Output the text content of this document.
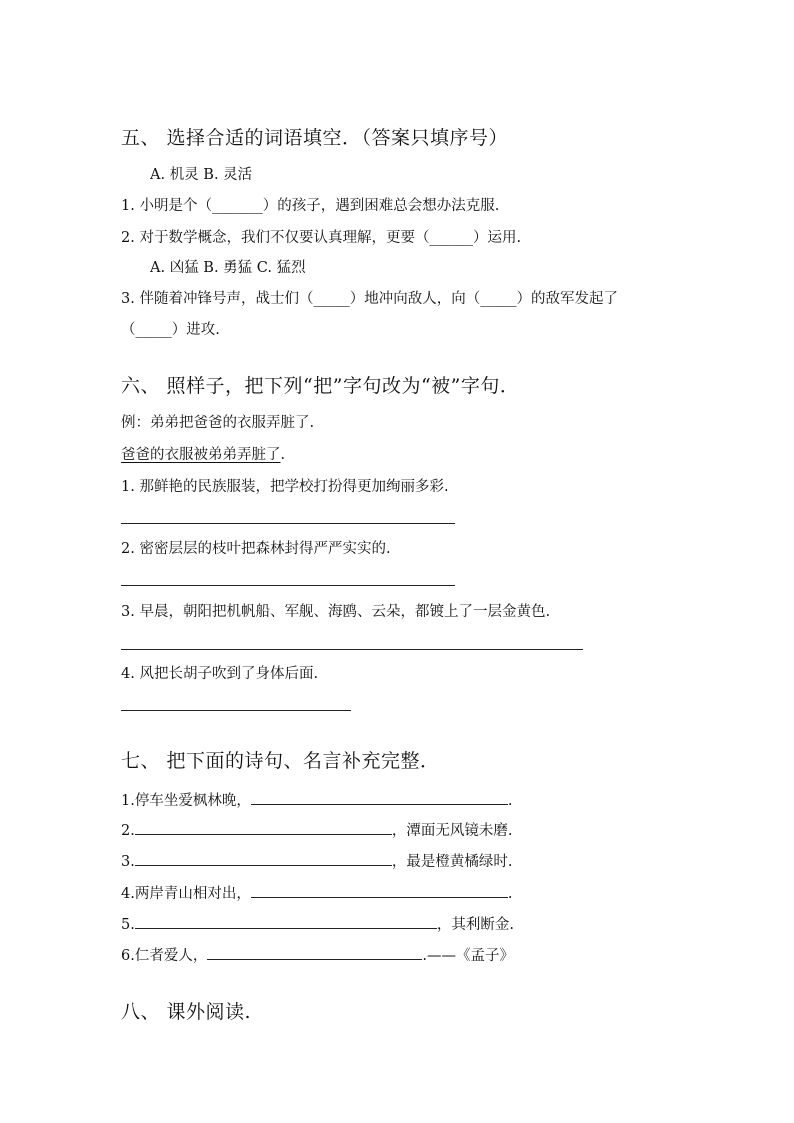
五、 选择合适的词语填空．（答案只填序号）
A. 机灵 B. 灵活
1. 小明是个（_______）的孩子，遇到困难总会想办法克服.
2. 对于数学概念，我们不仅要认真理解，更要（______）运用.
A. 凶猛 B. 勇猛 C. 猛烈
3. 伴随着冲锋号声，战士们（_____）地冲向敌人，向（_____）的敌军发起了
（_____）进攻.
六、 照样子，把下列“把”字句改为“被”字句．
例：弟弟把爸爸的衣服弄脏了.
爸爸的衣服被弟弟弄脏了.
1. 那鲜艳的民族服装，把学校打扮得更加绚丽多彩.
2. 密密层层的枝叶把森林封得严严实实的.
3. 早晨，朝阳把机帆船、军舰、海鸥、云朵，都镀上了一层金黄色.
4. 风把长胡子吹到了身体后面.
七、 把下面的诗句、名言补充完整．
1.停车坐爱枫林晚，	.
2.	，潭面无风镜未磨.
3.	，最是橙黄橘绿时.
4.两岸青山相对出，	.
5.	，其利断金.
6.仁者爱人，	.——《孟子》
八、 课外阅读.
